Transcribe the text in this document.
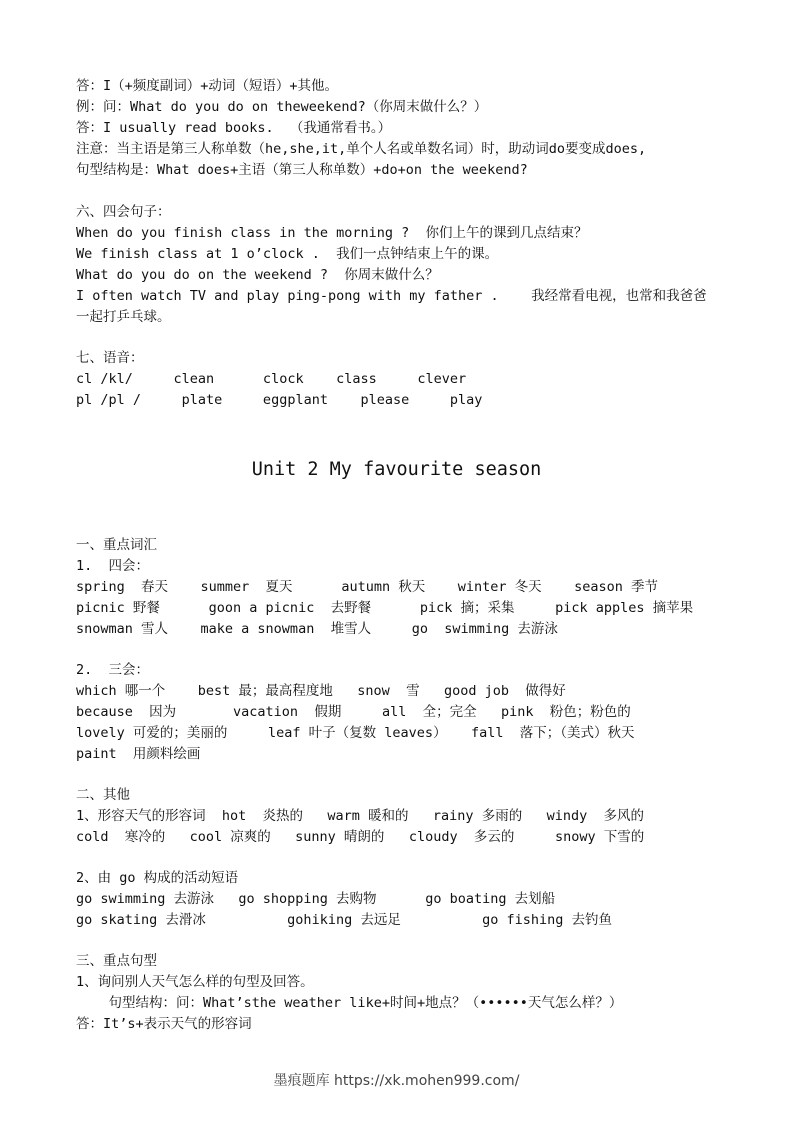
答：I（+频度副词）+动词（短语）+其他。
例：问：What do you do on theweekend?（你周末做什么？）
答：I usually read books.  （我通常看书。）
注意：当主语是第三人称单数（he,she,it,单个人名或单数名词）时，助动词do要变成does,
句型结构是：What does+主语（第三人称单数）+do+on the weekend?
六、四会句子：
When do you finish class in the morning ?  你们上午的课到几点结束？
We finish class at 1 o’clock .  我们一点钟结束上午的课。
What do you do on the weekend ?  你周末做什么？
I often watch TV and play ping-pong with my father .    我经常看电视，也常和我爸爸
一起打乒乓球。
七、语音：
cl /kl/     clean      clock    class     clever
pl /pl /     plate     eggplant    please     play
Unit 2 My favourite season
一、重点词汇
1.  四会：
spring  春天    summer  夏天      autumn 秋天    winter 冬天    season 季节
picnic 野餐      goon a picnic  去野餐      pick 摘；采集     pick apples 摘苹果
snowman 雪人    make a snowman  堆雪人     go  swimming 去游泳
2.  三会：
which 哪一个    best 最；最高程度地   snow  雪   good job  做得好
because  因为       vacation  假期     all  全；完全   pink  粉色；粉色的
lovely 可爱的；美丽的     leaf 叶子（复数 leaves）   fall  落下；（美式）秋天
paint  用颜料绘画
二、其他
1、形容天气的形容词  hot  炎热的   warm 暖和的   rainy 多雨的   windy  多风的
cold  寒冷的   cool 凉爽的   sunny 晴朗的   cloudy  多云的     snowy 下雪的
2、由 go 构成的活动短语
go swimming 去游泳   go shopping 去购物      go boating 去划船
go skating 去滑冰          gohiking 去远足          go fishing 去钓鱼
三、重点句型
1、询问别人天气怎么样的句型及回答。
句型结构：问：What’sthe weather like+时间+地点？（••••••天气怎么样？）
答：It’s+表示天气的形容词
墨痕题库 https://xk.mohen999.com/
